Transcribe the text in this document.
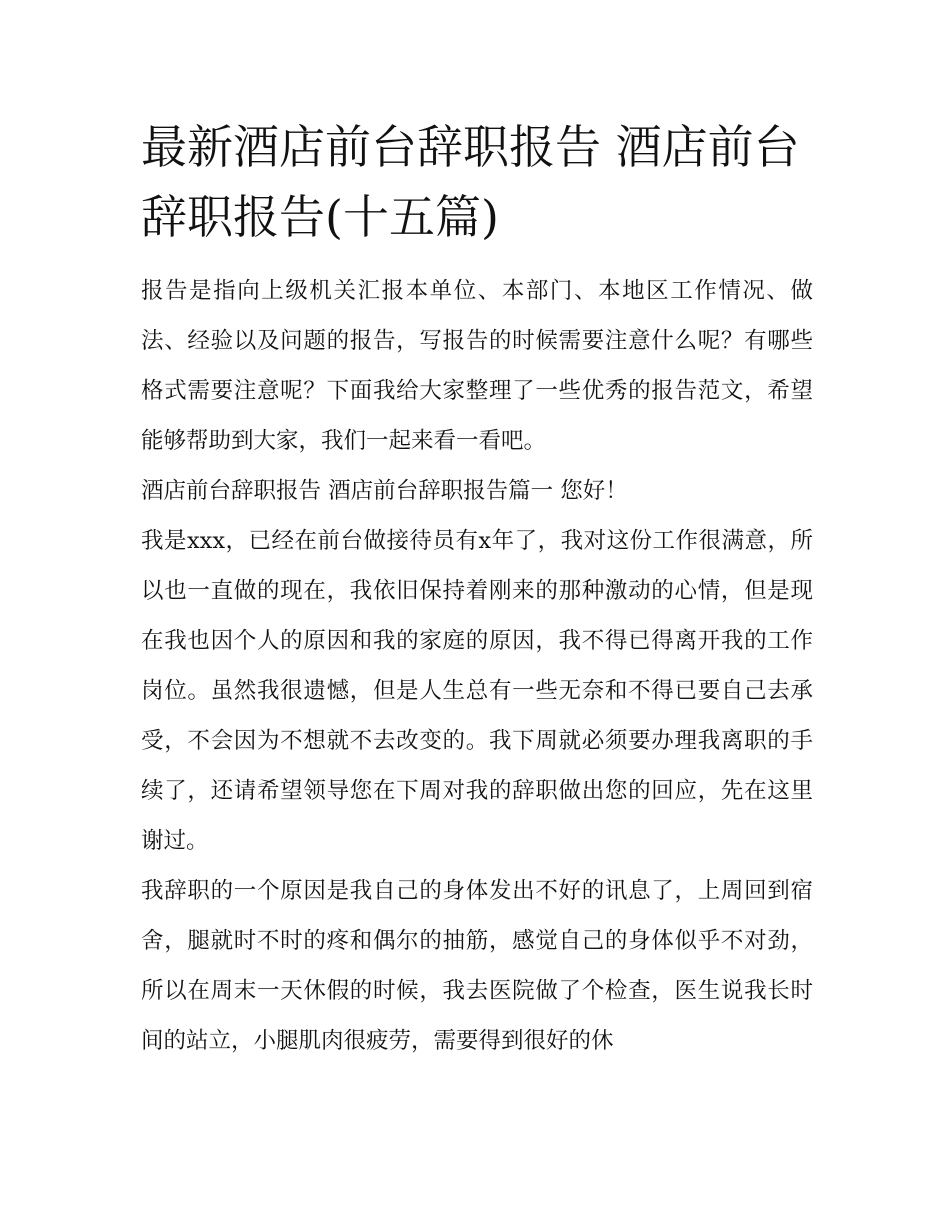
最新酒店前台辞职报告 酒店前台辞职报告(十五篇)

报告是指向上级机关汇报本单位、本部门、本地区工作情况、做法、经验以及问题的报告，写报告的时候需要注意什么呢？有哪些格式需要注意呢？下面我给大家整理了一些优秀的报告范文，希望能够帮助到大家，我们一起来看一看吧。

酒店前台辞职报告 酒店前台辞职报告篇一 您好！

我是xxx，已经在前台做接待员有x年了，我对这份工作很满意，所以也一直做的现在，我依旧保持着刚来的那种激动的心情，但是现在我也因个人的原因和我的家庭的原因，我不得已得离开我的工作岗位。虽然我很遗憾，但是人生总有一些无奈和不得已要自己去承受，不会因为不想就不去改变的。我下周就必须要办理我离职的手续了，还请希望领导您在下周对我的辞职做出您的回应，先在这里谢过。

我辞职的一个原因是我自己的身体发出不好的讯息了，上周回到宿舍，腿就时不时的疼和偶尔的抽筋，感觉自己的身体似乎不对劲，所以在周末一天休假的时候，我去医院做了个检查，医生说我长时间的站立，小腿肌肉很疲劳，需要得到很好的休
